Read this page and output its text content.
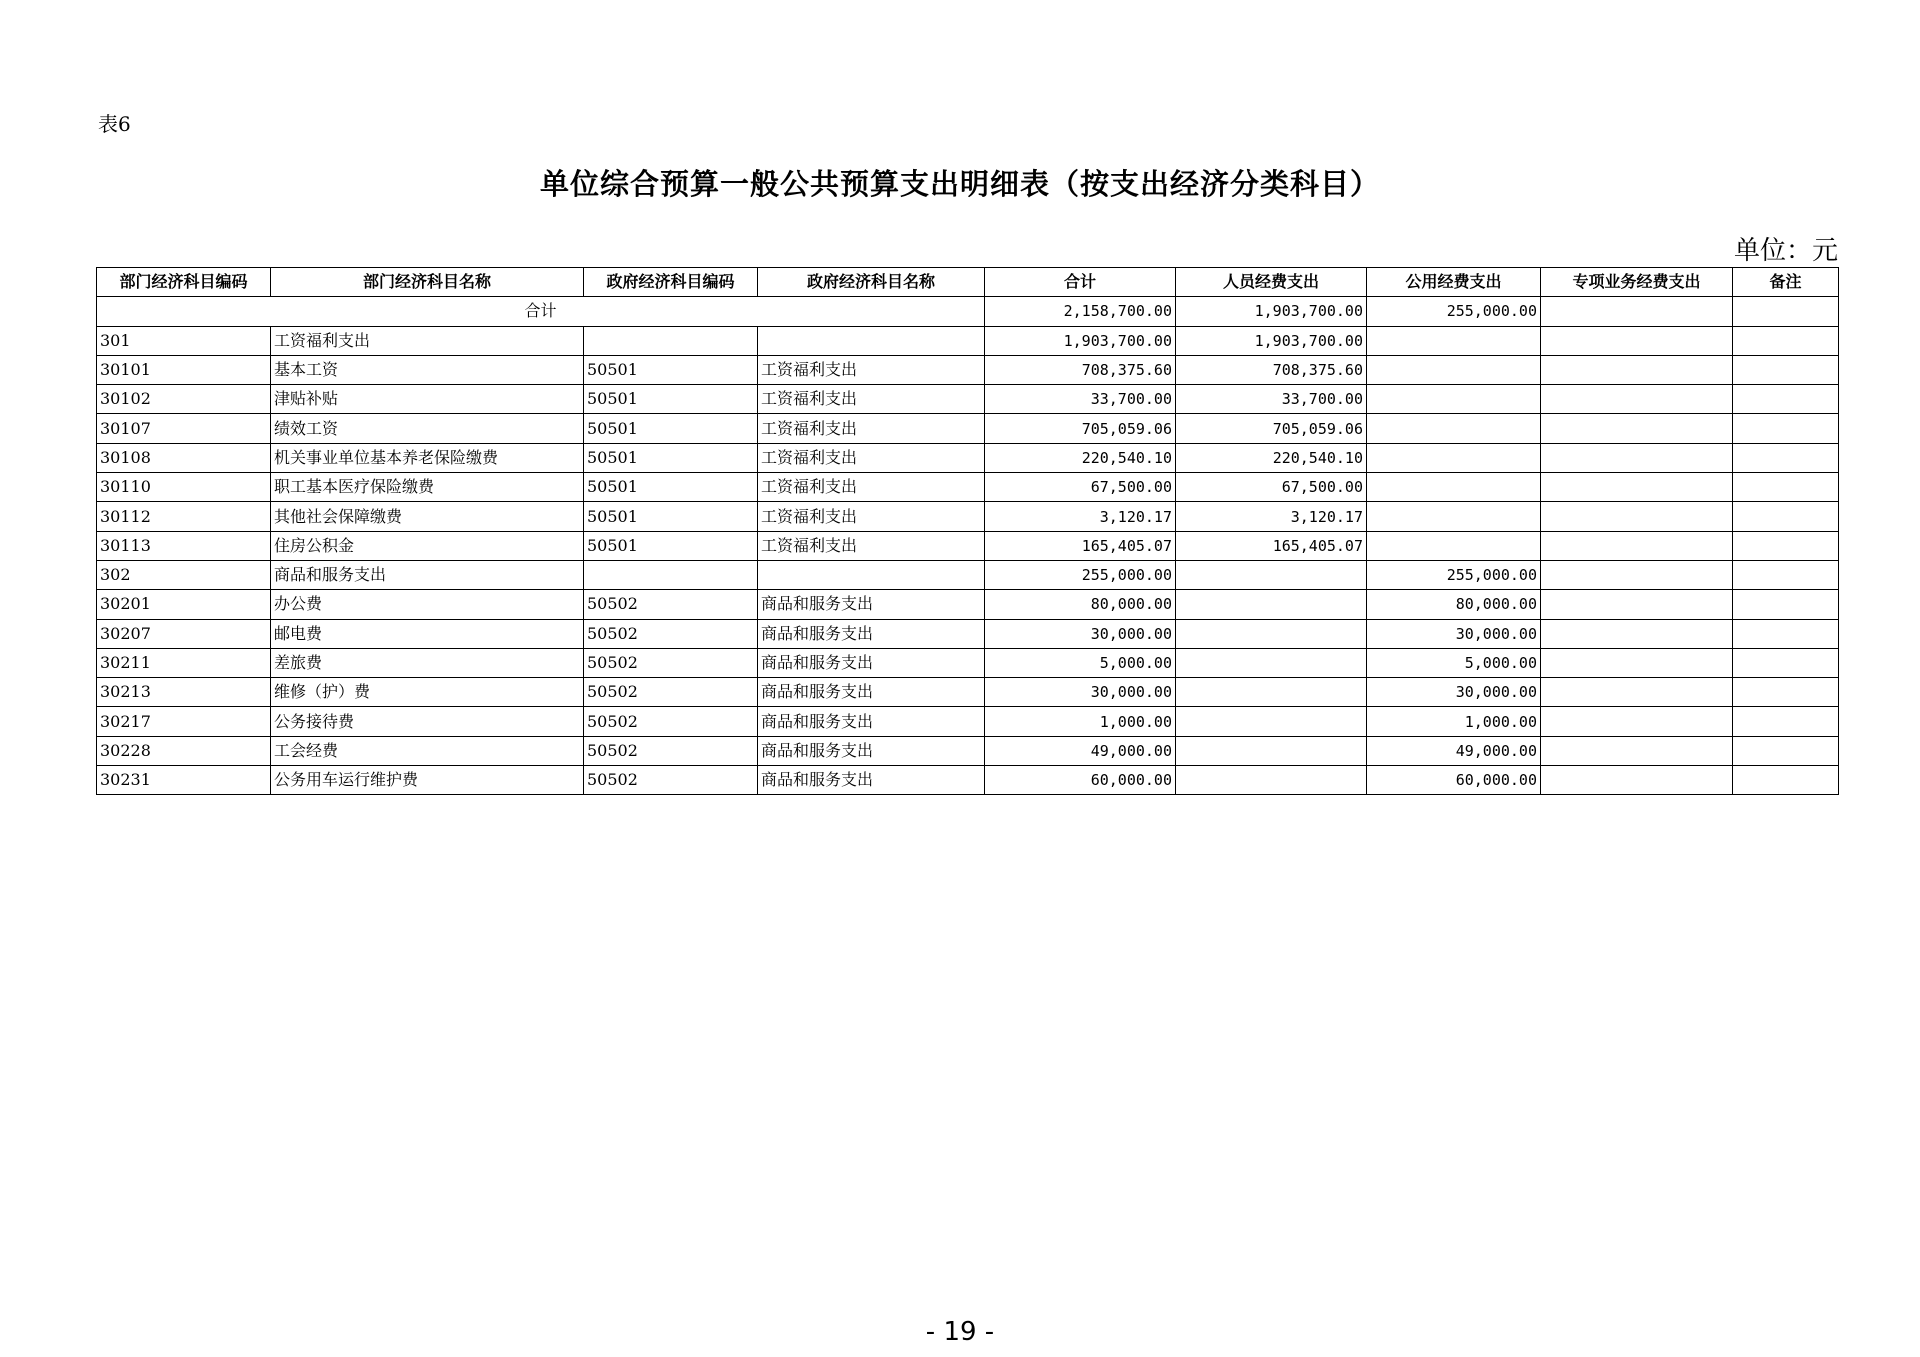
表6
单位综合预算一般公共预算支出明细表（按支出经济分类科目）
单位：元
部门经济科目编码	部门经济科目名称	政府经济科目编码	政府经济科目名称	合计	人员经费支出	公用经费支出	专项业务经费支出	备注
合计				2,158,700.00	1,903,700.00	255,000.00		
301	工资福利支出			1,903,700.00	1,903,700.00			
30101	基本工资	50501	工资福利支出	708,375.60	708,375.60			
30102	津贴补贴	50501	工资福利支出	33,700.00	33,700.00			
30107	绩效工资	50501	工资福利支出	705,059.06	705,059.06			
30108	机关事业单位基本养老保险缴费	50501	工资福利支出	220,540.10	220,540.10			
30110	职工基本医疗保险缴费	50501	工资福利支出	67,500.00	67,500.00			
30112	其他社会保障缴费	50501	工资福利支出	3,120.17	3,120.17			
30113	住房公积金	50501	工资福利支出	165,405.07	165,405.07			
302	商品和服务支出			255,000.00		255,000.00		
30201	办公费	50502	商品和服务支出	80,000.00		80,000.00		
30207	邮电费	50502	商品和服务支出	30,000.00		30,000.00		
30211	差旅费	50502	商品和服务支出	5,000.00		5,000.00		
30213	维修（护）费	50502	商品和服务支出	30,000.00		30,000.00		
30217	公务接待费	50502	商品和服务支出	1,000.00		1,000.00		
30228	工会经费	50502	商品和服务支出	49,000.00		49,000.00		
30231	公务用车运行维护费	50502	商品和服务支出	60,000.00		60,000.00		
- 19 -
